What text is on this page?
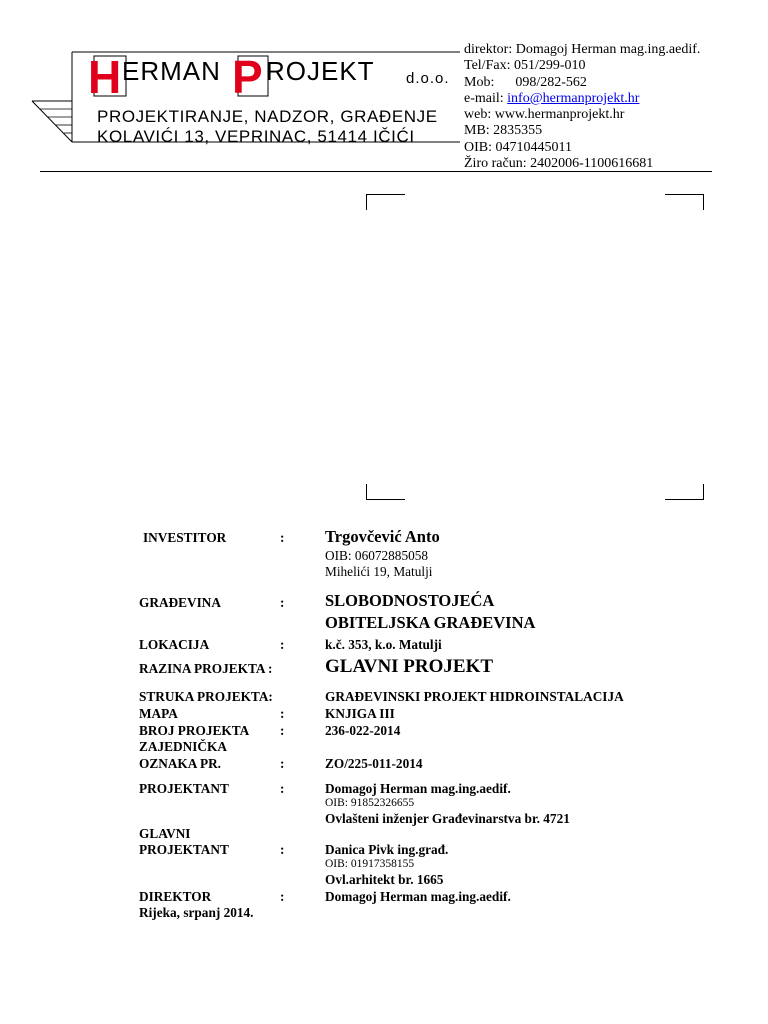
H ERMAN P ROJEKT d.o.o.
PROJEKTIRANJE, NADZOR, GRAĐENJE
KOLAVIĆI 13, VEPRINAC, 51414 IČIĆI
direktor: Domagoj Herman mag.ing.aedif.
Tel/Fax: 051/299-010
Mob:      098/282-562
e-mail: info@hermanprojekt.hr
web: www.hermanprojekt.hr
MB: 2835355
OIB: 04710445011
Žiro račun: 2402006-1100616681
INVESTITOR	: Trgovčević Anto
OIB: 06072885058
Mihelići 19, Matulji
GRAĐEVINA	: SLOBODNOSTOJEĆA
OBITELJSKA GRAĐEVINA
LOKACIJA	:	k.č. 353, k.o. Matulji
RAZINA PROJEKTA :	GLAVNI PROJEKT
STRUKA PROJEKTA:	GRAĐEVINSKI PROJEKT HIDROINSTALACIJA
MAPA	:	KNJIGA III
BROJ PROJEKTA :	236-022-2014
ZAJEDNIČKA
OZNAKA PR.	:	ZO/225-011-2014
PROJEKTANT	:	Domagoj Herman mag.ing.aedif.
OIB: 91852326655
Ovlašteni inženjer Građevinarstva br. 4721
GLAVNI
PROJEKTANT	:	Danica Pivk ing.građ.
OIB: 01917358155
Ovl.arhitekt br. 1665
DIREKTOR	:	Domagoj Herman mag.ing.aedif.
Rijeka, srpanj 2014.
